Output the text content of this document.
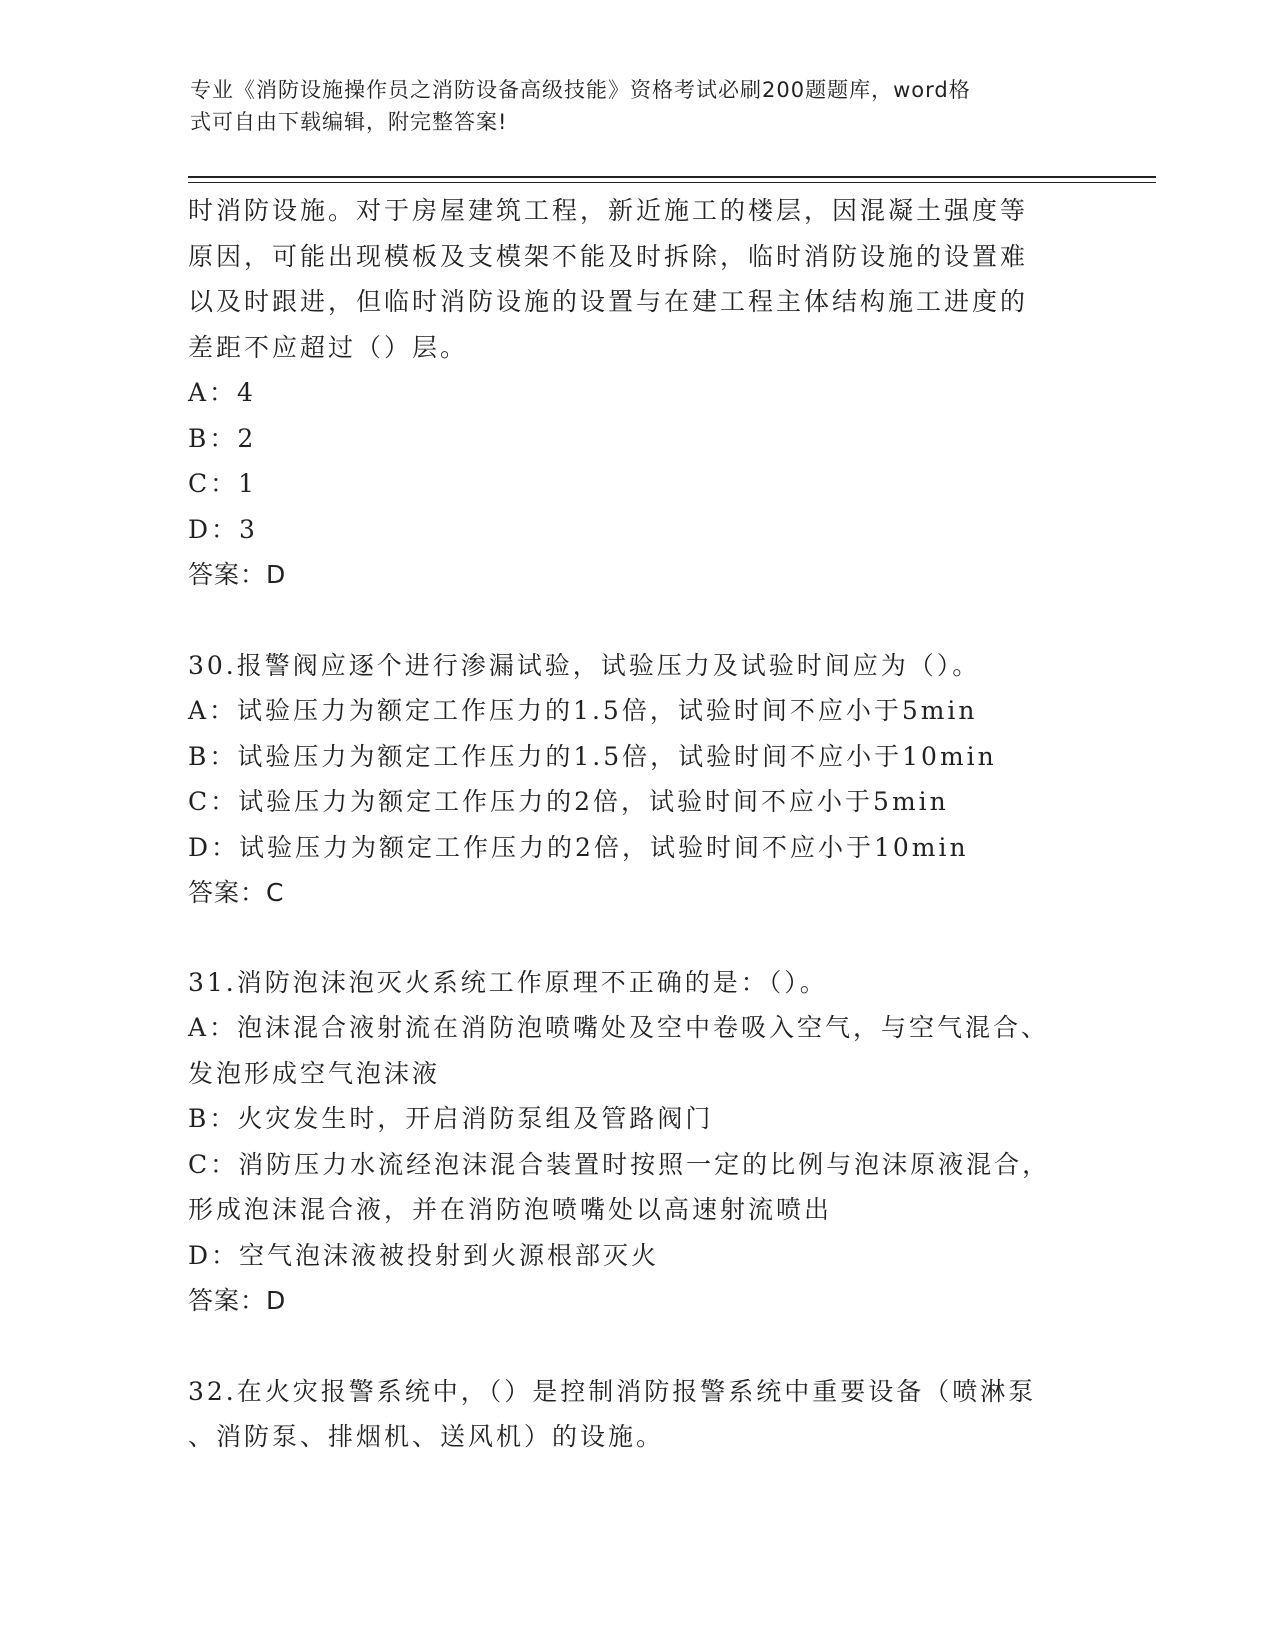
专业《消防设施操作员之消防设备高级技能》资格考试必刷200题题库，word格
式可自由下载编辑，附完整答案!
时消防设施。对于房屋建筑工程，新近施工的楼层，因混凝土强度等
原因，可能出现模板及支模架不能及时拆除，临时消防设施的设置难
以及时跟进，但临时消防设施的设置与在建工程主体结构施工进度的
差距不应超过（）层。
A：4
B：2
C：1
D：3
答案：D
30.报警阀应逐个进行渗漏试验，试验压力及试验时间应为（）。
A：试验压力为额定工作压力的1.5倍，试验时间不应小于5min
B：试验压力为额定工作压力的1.5倍，试验时间不应小于10min
C：试验压力为额定工作压力的2倍，试验时间不应小于5min
D：试验压力为额定工作压力的2倍，试验时间不应小于10min
答案：C
31.消防泡沫泡灭火系统工作原理不正确的是：（）。
A：泡沫混合液射流在消防泡喷嘴处及空中卷吸入空气，与空气混合、
发泡形成空气泡沫液
B：火灾发生时，开启消防泵组及管路阀门
C：消防压力水流经泡沫混合装置时按照一定的比例与泡沫原液混合，
形成泡沫混合液，并在消防泡喷嘴处以高速射流喷出
D：空气泡沫液被投射到火源根部灭火
答案：D
32.在火灾报警系统中，（）是控制消防报警系统中重要设备（喷淋泵
、消防泵、排烟机、送风机）的设施。
